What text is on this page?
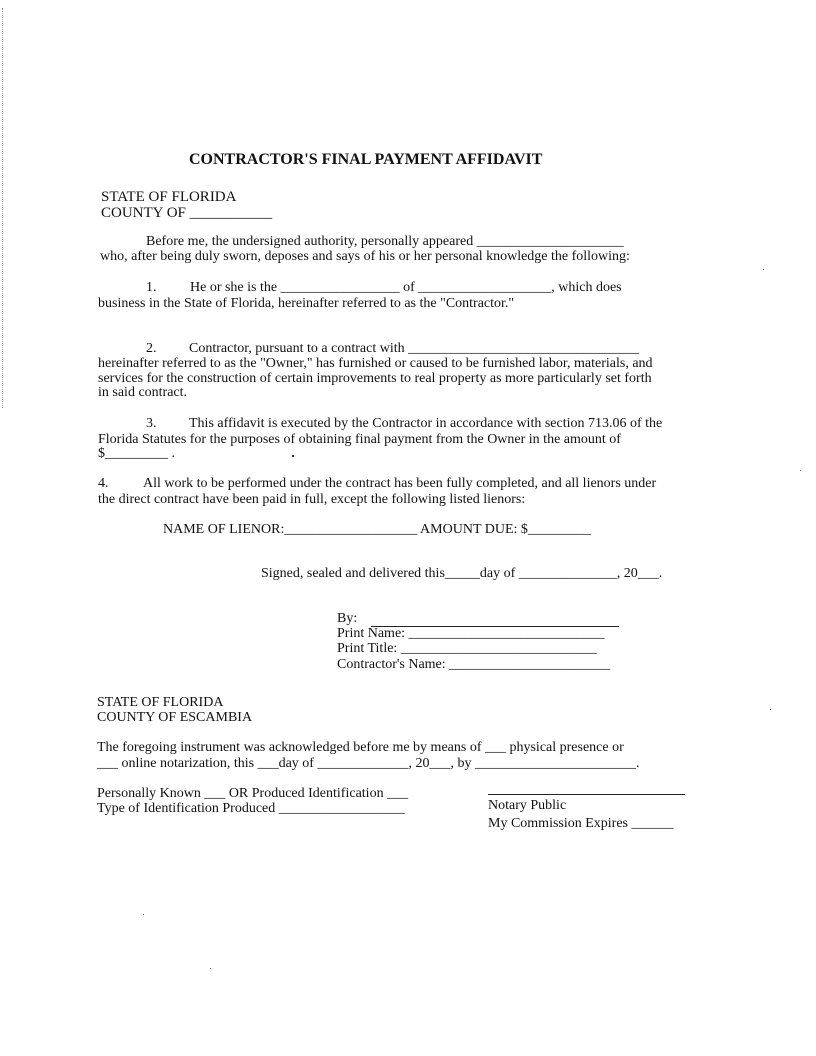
CONTRACTOR'S FINAL PAYMENT AFFIDAVIT
STATE OF FLORIDA
COUNTY OF ___________
Before me, the undersigned authority, personally appeared _____________________
who, after being duly sworn, deposes and says of his or her personal knowledge the following:
1. He or she is the _________________ of ___________________, which does
business in the State of Florida, hereinafter referred to as the "Contractor."
2. Contractor, pursuant to a contract with _________________________________
hereinafter referred to as the "Owner," has furnished or caused to be furnished labor, materials, and
services for the construction of certain improvements to real property as more particularly set forth
in said contract.
3. This affidavit is executed by the Contractor in accordance with section 713.06 of the
Florida Statutes for the purposes of obtaining final payment from the Owner in the amount of
$_________ .
4. All work to be performed under the contract has been fully completed, and all lienors under
the direct contract have been paid in full, except the following listed lienors:
NAME OF LIENOR:___________________ AMOUNT DUE: $_________
Signed, sealed and delivered this_____day of ______________, 20___.
By:
Print Name: ____________________________
Print Title: ____________________________
Contractor's Name: _______________________
STATE OF FLORIDA
COUNTY OF ESCAMBIA
The foregoing instrument was acknowledged before me by means of ___ physical presence or
___ online notarization, this ___day of _____________, 20___, by _______________________.
Personally Known ___ OR Produced Identification ___
Type of Identification Produced __________________	Notary Public
My Commission Expires ______
